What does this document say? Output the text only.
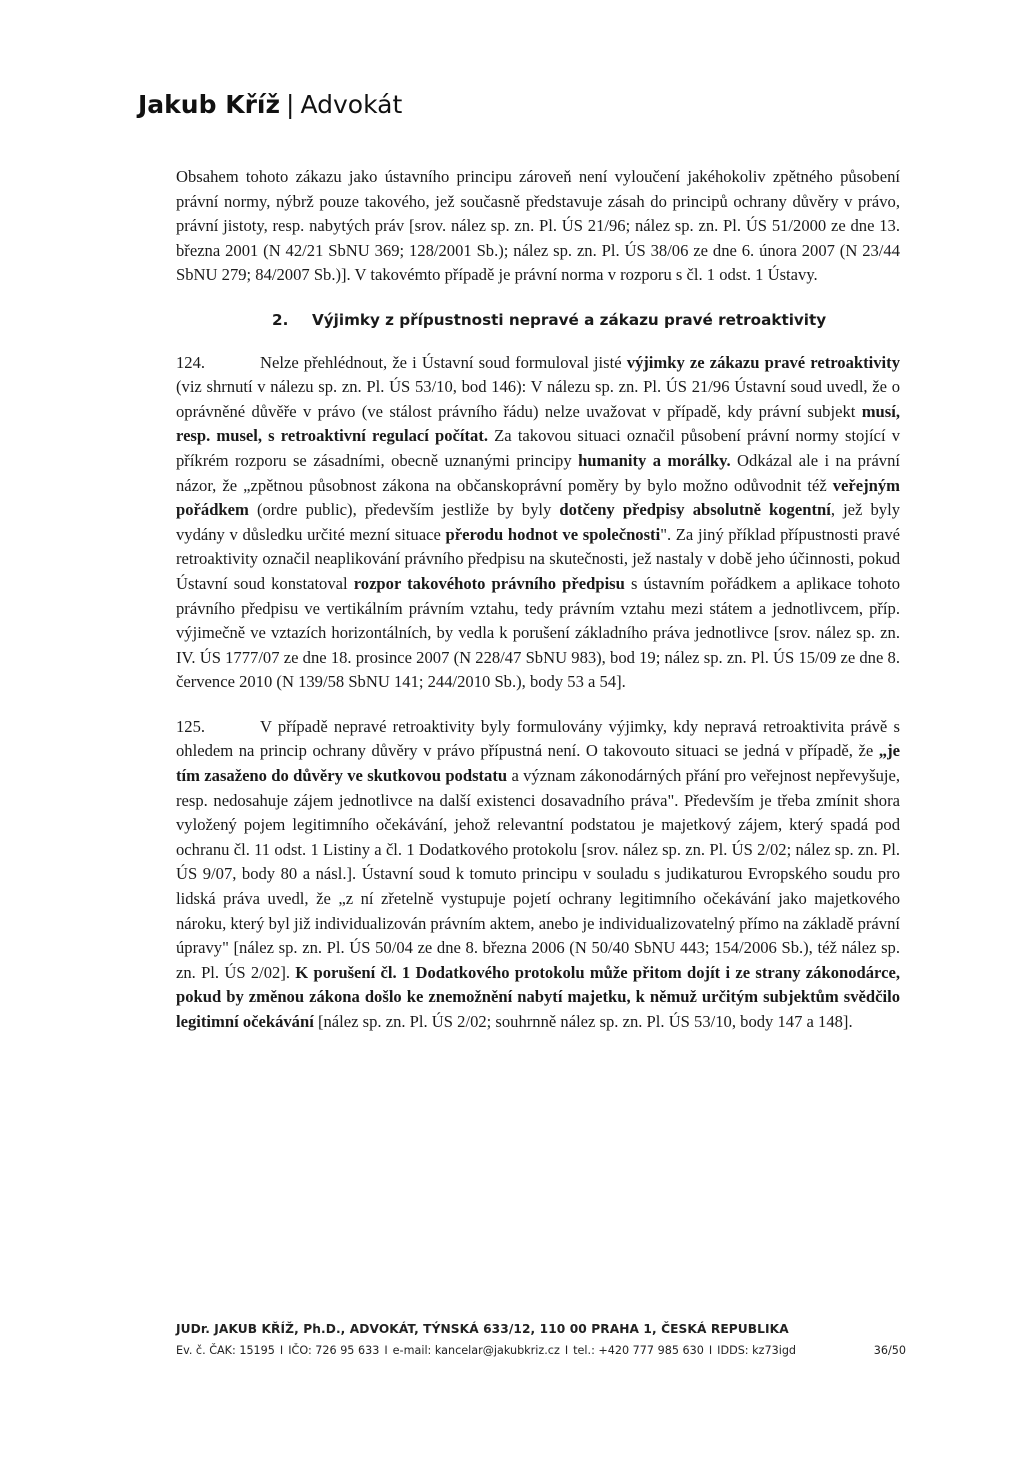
Jakub Kříž | Advokát

Obsahem tohoto zákazu jako ústavního principu zároveň není vyloučení jakéhokoliv zpětného působení právní normy, nýbrž pouze takového, jež současně představuje zásah do principů ochrany důvěry v právo, právní jistoty, resp. nabytých práv [srov. nález sp. zn. Pl. ÚS 21/96; nález sp. zn. Pl. ÚS 51/2000 ze dne 13. března 2001 (N 42/21 SbNU 369; 128/2001 Sb.); nález sp. zn. Pl. ÚS 38/06 ze dne 6. února 2007 (N 23/44 SbNU 279; 84/2007 Sb.)]. V takovémto případě je právní norma v rozporu s čl. 1 odst. 1 Ústavy.

2. Výjimky z přípustnosti nepravé a zákazu pravé retroaktivity

124.	Nelze přehlédnout, že i Ústavní soud formuloval jisté výjimky ze zákazu pravé retroaktivity (viz shrnutí v nálezu sp. zn. Pl. ÚS 53/10, bod 146): V nálezu sp. zn. Pl. ÚS 21/96 Ústavní soud uvedl, že o oprávněné důvěře v právo (ve stálost právního řádu) nelze uvažovat v případě, kdy právní subjekt musí, resp. musel, s retroaktivní regulací počítat. Za takovou situaci označil působení právní normy stojící v příkrém rozporu se zásadními, obecně uznanými principy humanity a morálky. Odkázal ale i na právní názor, že „zpětnou působnost zákona na občanskoprávní poměry by bylo možno odůvodnit též veřejným pořádkem (ordre public), především jestliže by byly dotčeny předpisy absolutně kogentní, jež byly vydány v důsledku určité mezní situace přerodu hodnot ve společnosti". Za jiný příklad přípustnosti pravé retroaktivity označil neaplikování právního předpisu na skutečnosti, jež nastaly v době jeho účinnosti, pokud Ústavní soud konstatoval rozpor takovéhoto právního předpisu s ústavním pořádkem a aplikace tohoto právního předpisu ve vertikálním právním vztahu, tedy právním vztahu mezi státem a jednotlivcem, příp. výjimečně ve vztazích horizontálních, by vedla k porušení základního práva jednotlivce [srov. nález sp. zn. IV. ÚS 1777/07 ze dne 18. prosince 2007 (N 228/47 SbNU 983), bod 19; nález sp. zn. Pl. ÚS 15/09 ze dne 8. července 2010 (N 139/58 SbNU 141; 244/2010 Sb.), body 53 a 54].

125.	V případě nepravé retroaktivity byly formulovány výjimky, kdy nepravá retroaktivita právě s ohledem na princip ochrany důvěry v právo přípustná není. O takovouto situaci se jedná v případě, že „je tím zasaženo do důvěry ve skutkovou podstatu a význam zákonodárných přání pro veřejnost nepřevyšuje, resp. nedosahuje zájem jednotlivce na další existenci dosavadního práva". Především je třeba zmínit shora vyložený pojem legitimního očekávání, jehož relevantní podstatou je majetkový zájem, který spadá pod ochranu čl. 11 odst. 1 Listiny a čl. 1 Dodatkového protokolu [srov. nález sp. zn. Pl. ÚS 2/02; nález sp. zn. Pl. ÚS 9/07, body 80 a násl.]. Ústavní soud k tomuto principu v souladu s judikaturou Evropského soudu pro lidská práva uvedl, že „z ní zřetelně vystupuje pojetí ochrany legitimního očekávání jako majetkového nároku, který byl již individualizován právním aktem, anebo je individualizovatelný přímo na základě právní úpravy" [nález sp. zn. Pl. ÚS 50/04 ze dne 8. března 2006 (N 50/40 SbNU 443; 154/2006 Sb.), též nález sp. zn. Pl. ÚS 2/02]. K porušení čl. 1 Dodatkového protokolu může přitom dojít i ze strany zákonodárce, pokud by změnou zákona došlo ke znemožnění nabytí majetku, k němuž určitým subjektům svědčilo legitimní očekávání [nález sp. zn. Pl. ÚS 2/02; souhrnně nález sp. zn. Pl. ÚS 53/10, body 147 a 148].

JUDr. JAKUB KŘÍŽ, Ph.D., ADVOKÁT, TÝNSKÁ 633/12, 110 00 PRAHA 1, ČESKÁ REPUBLIKA
Ev. č. ČAK: 15195 I IČO: 726 95 633 I e-mail: kancelar@jakubkriz.cz I tel.: +420 777 985 630 I IDDS: kz73igd	36/50
